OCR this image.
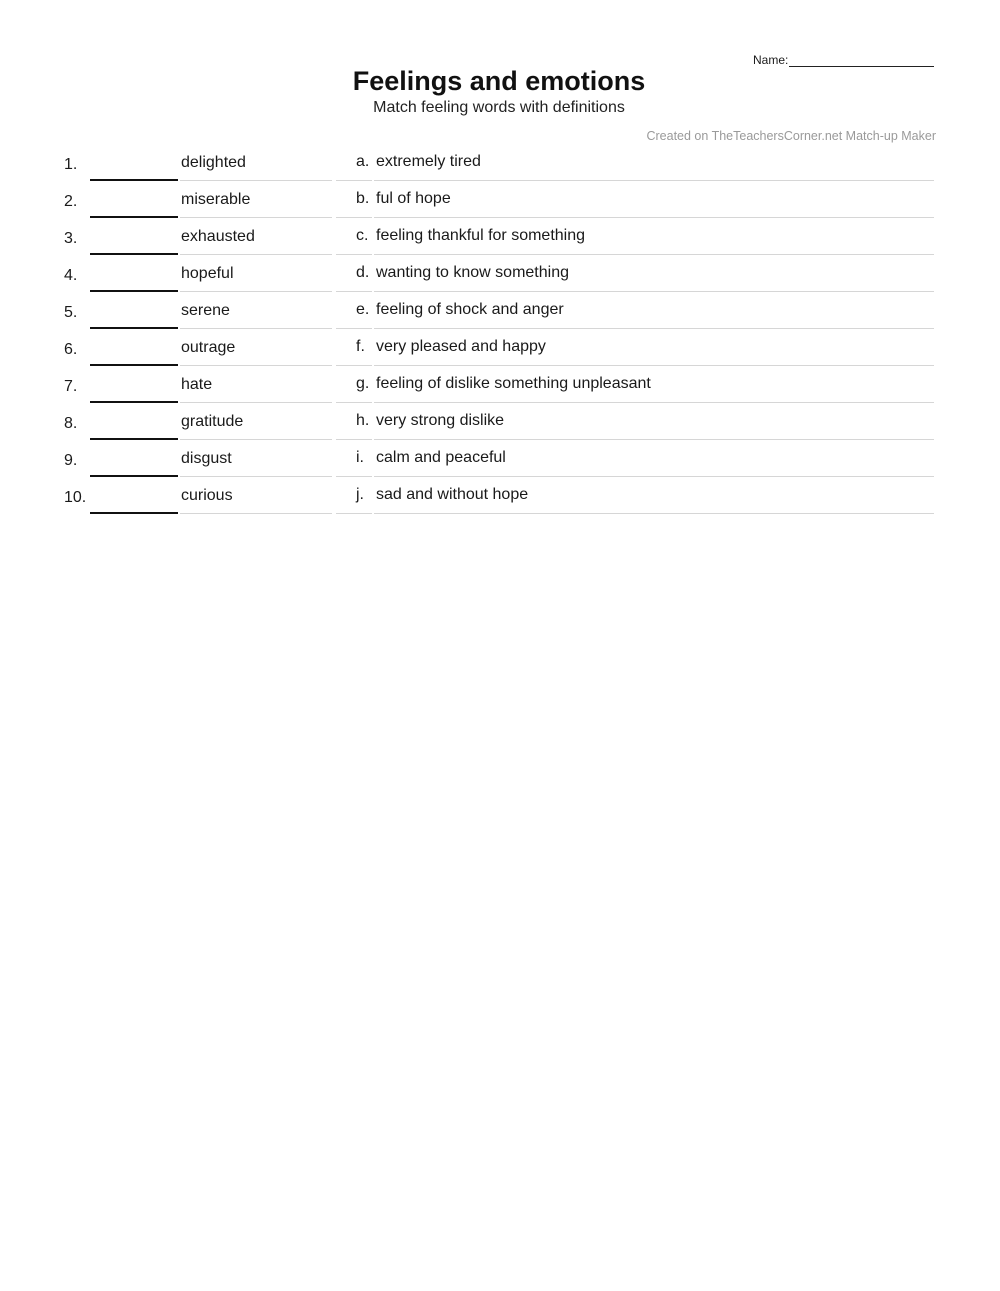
Name:
Feelings and emotions
Match feeling words with definitions
Created on TheTeachersCorner.net Match-up Maker
1.	delighted	a. extremely tired
2.	miserable	b. ful of hope
3.	exhausted	c. feeling thankful for something
4.	hopeful	d. wanting to know something
5.	serene	e. feeling of shock and anger
6.	outrage	f. very pleased and happy
7.	hate	g. feeling of dislike something unpleasant
8.	gratitude	h. very strong dislike
9.	disgust	i. calm and peaceful
10.	curious	j. sad and without hope
